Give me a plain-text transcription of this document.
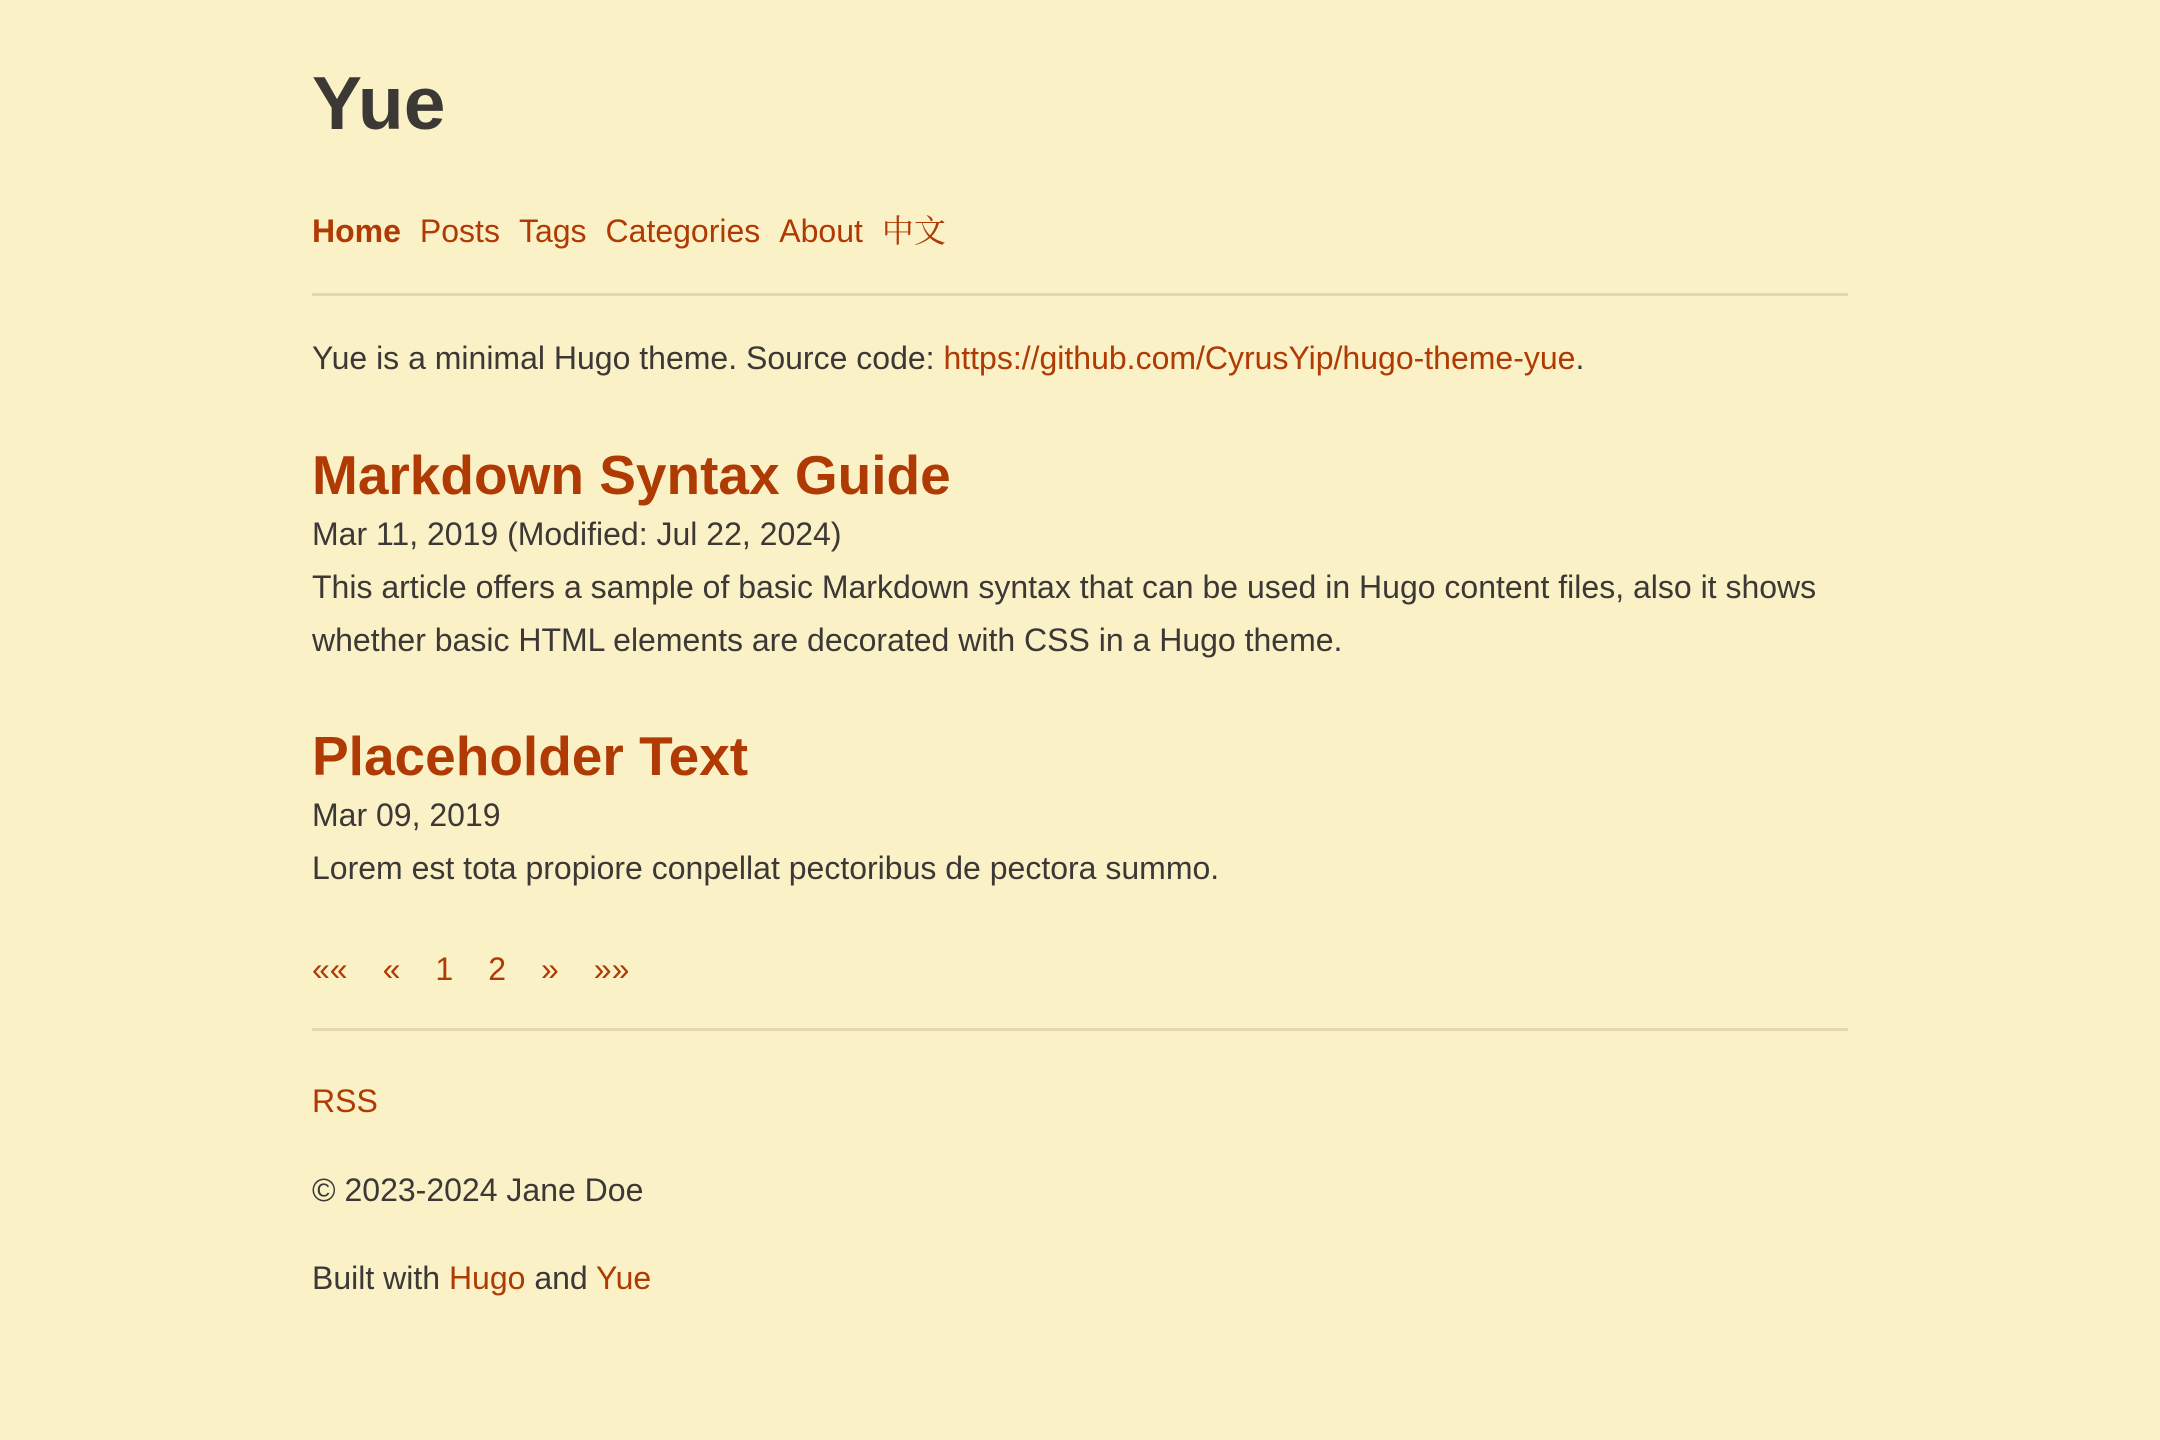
Yue
Home Posts Tags Categories About 中文

Yue is a minimal Hugo theme. Source code: https://github.com/CyrusYip/hugo-theme-yue.

Markdown Syntax Guide

Mar 11, 2019 (Modified: Jul 22, 2024)

This article offers a sample of basic Markdown syntax that can be used in Hugo content files, also it shows whether basic HTML elements are decorated with CSS in a Hugo theme.

Placeholder Text

Mar 09, 2019

Lorem est tota propiore conpellat pectoribus de pectora summo.

«« « 1 2 » »»

RSS

© 2023-2024 Jane Doe

Built with Hugo and Yue
